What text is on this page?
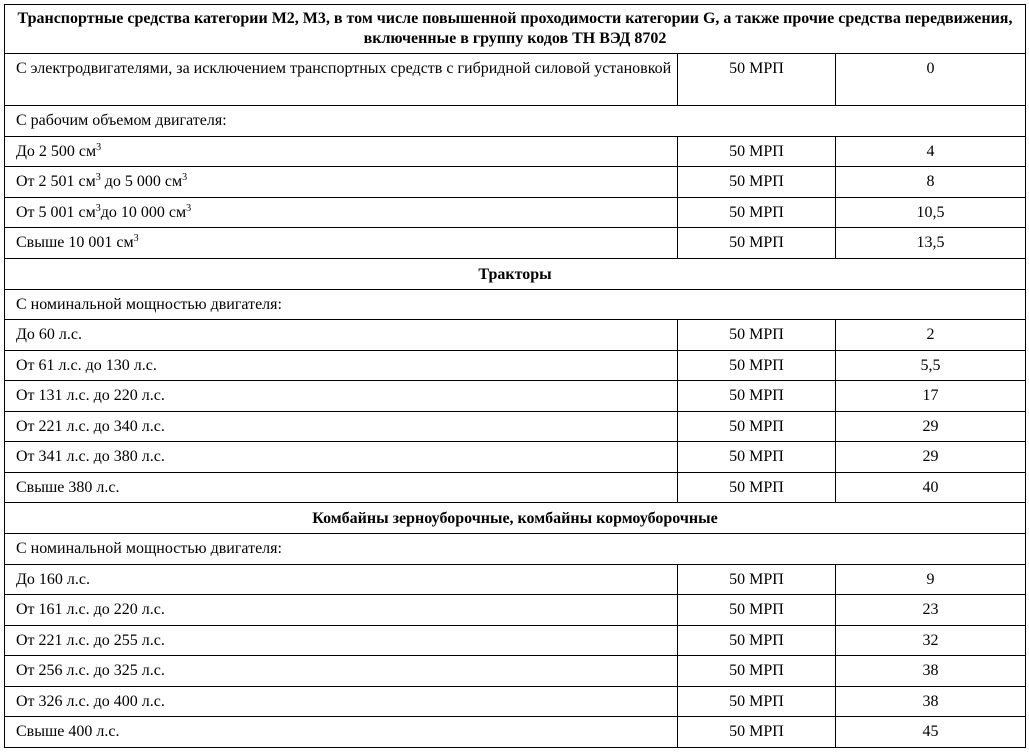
Транспортные средства категории М2, М3, в том числе повышенной проходимости категории G, а также прочие средства передвижения, включенные в группу кодов ТН ВЭД 8702		
С электродвигателями, за исключением транспортных средств с гибридной силовой установкой	50 МРП	0
С рабочим объемом двигателя:		
До 2 500 $см^3$	50 МРП	4
От 2 501 $см^3$ до 5 000 $см^3$	50 МРП	8
От 5 001 $см^3до$ 10 000 $см^3$	50 МРП	10,5
Свыше 10 001 $см^3$	50 МРП	13,5
Тракторы		
С номинальной мощностью двигателя:		
До 60 л.с.	50 МРП	2
От 61 л.с. до 130 л.с.	50 МРП	5,5
От 131 л.с. до 220 л.с.	50 МРП	17
От 221 л.с. до 340 л.с.	50 МРП	29
От 341 л.с. до 380 л.с.	50 МРП	29
Свыше 380 л.с.	50 МРП	40
Комбайны зерноуборочные, комбайны кормоуборочные		
С номинальной мощностью двигателя:		
До 160 л.с.	50 МРП	9
От 161 л.с. до 220 л.с.	50 МРП	23
От 221 л.с. до 255 л.с.	50 МРП	32
От 256 л.с. до 325 л.с.	50 МРП	38
От 326 л.с. до 400 л.с.	50 МРП	38
Свыше 400 л.с.	50 МРП	45
